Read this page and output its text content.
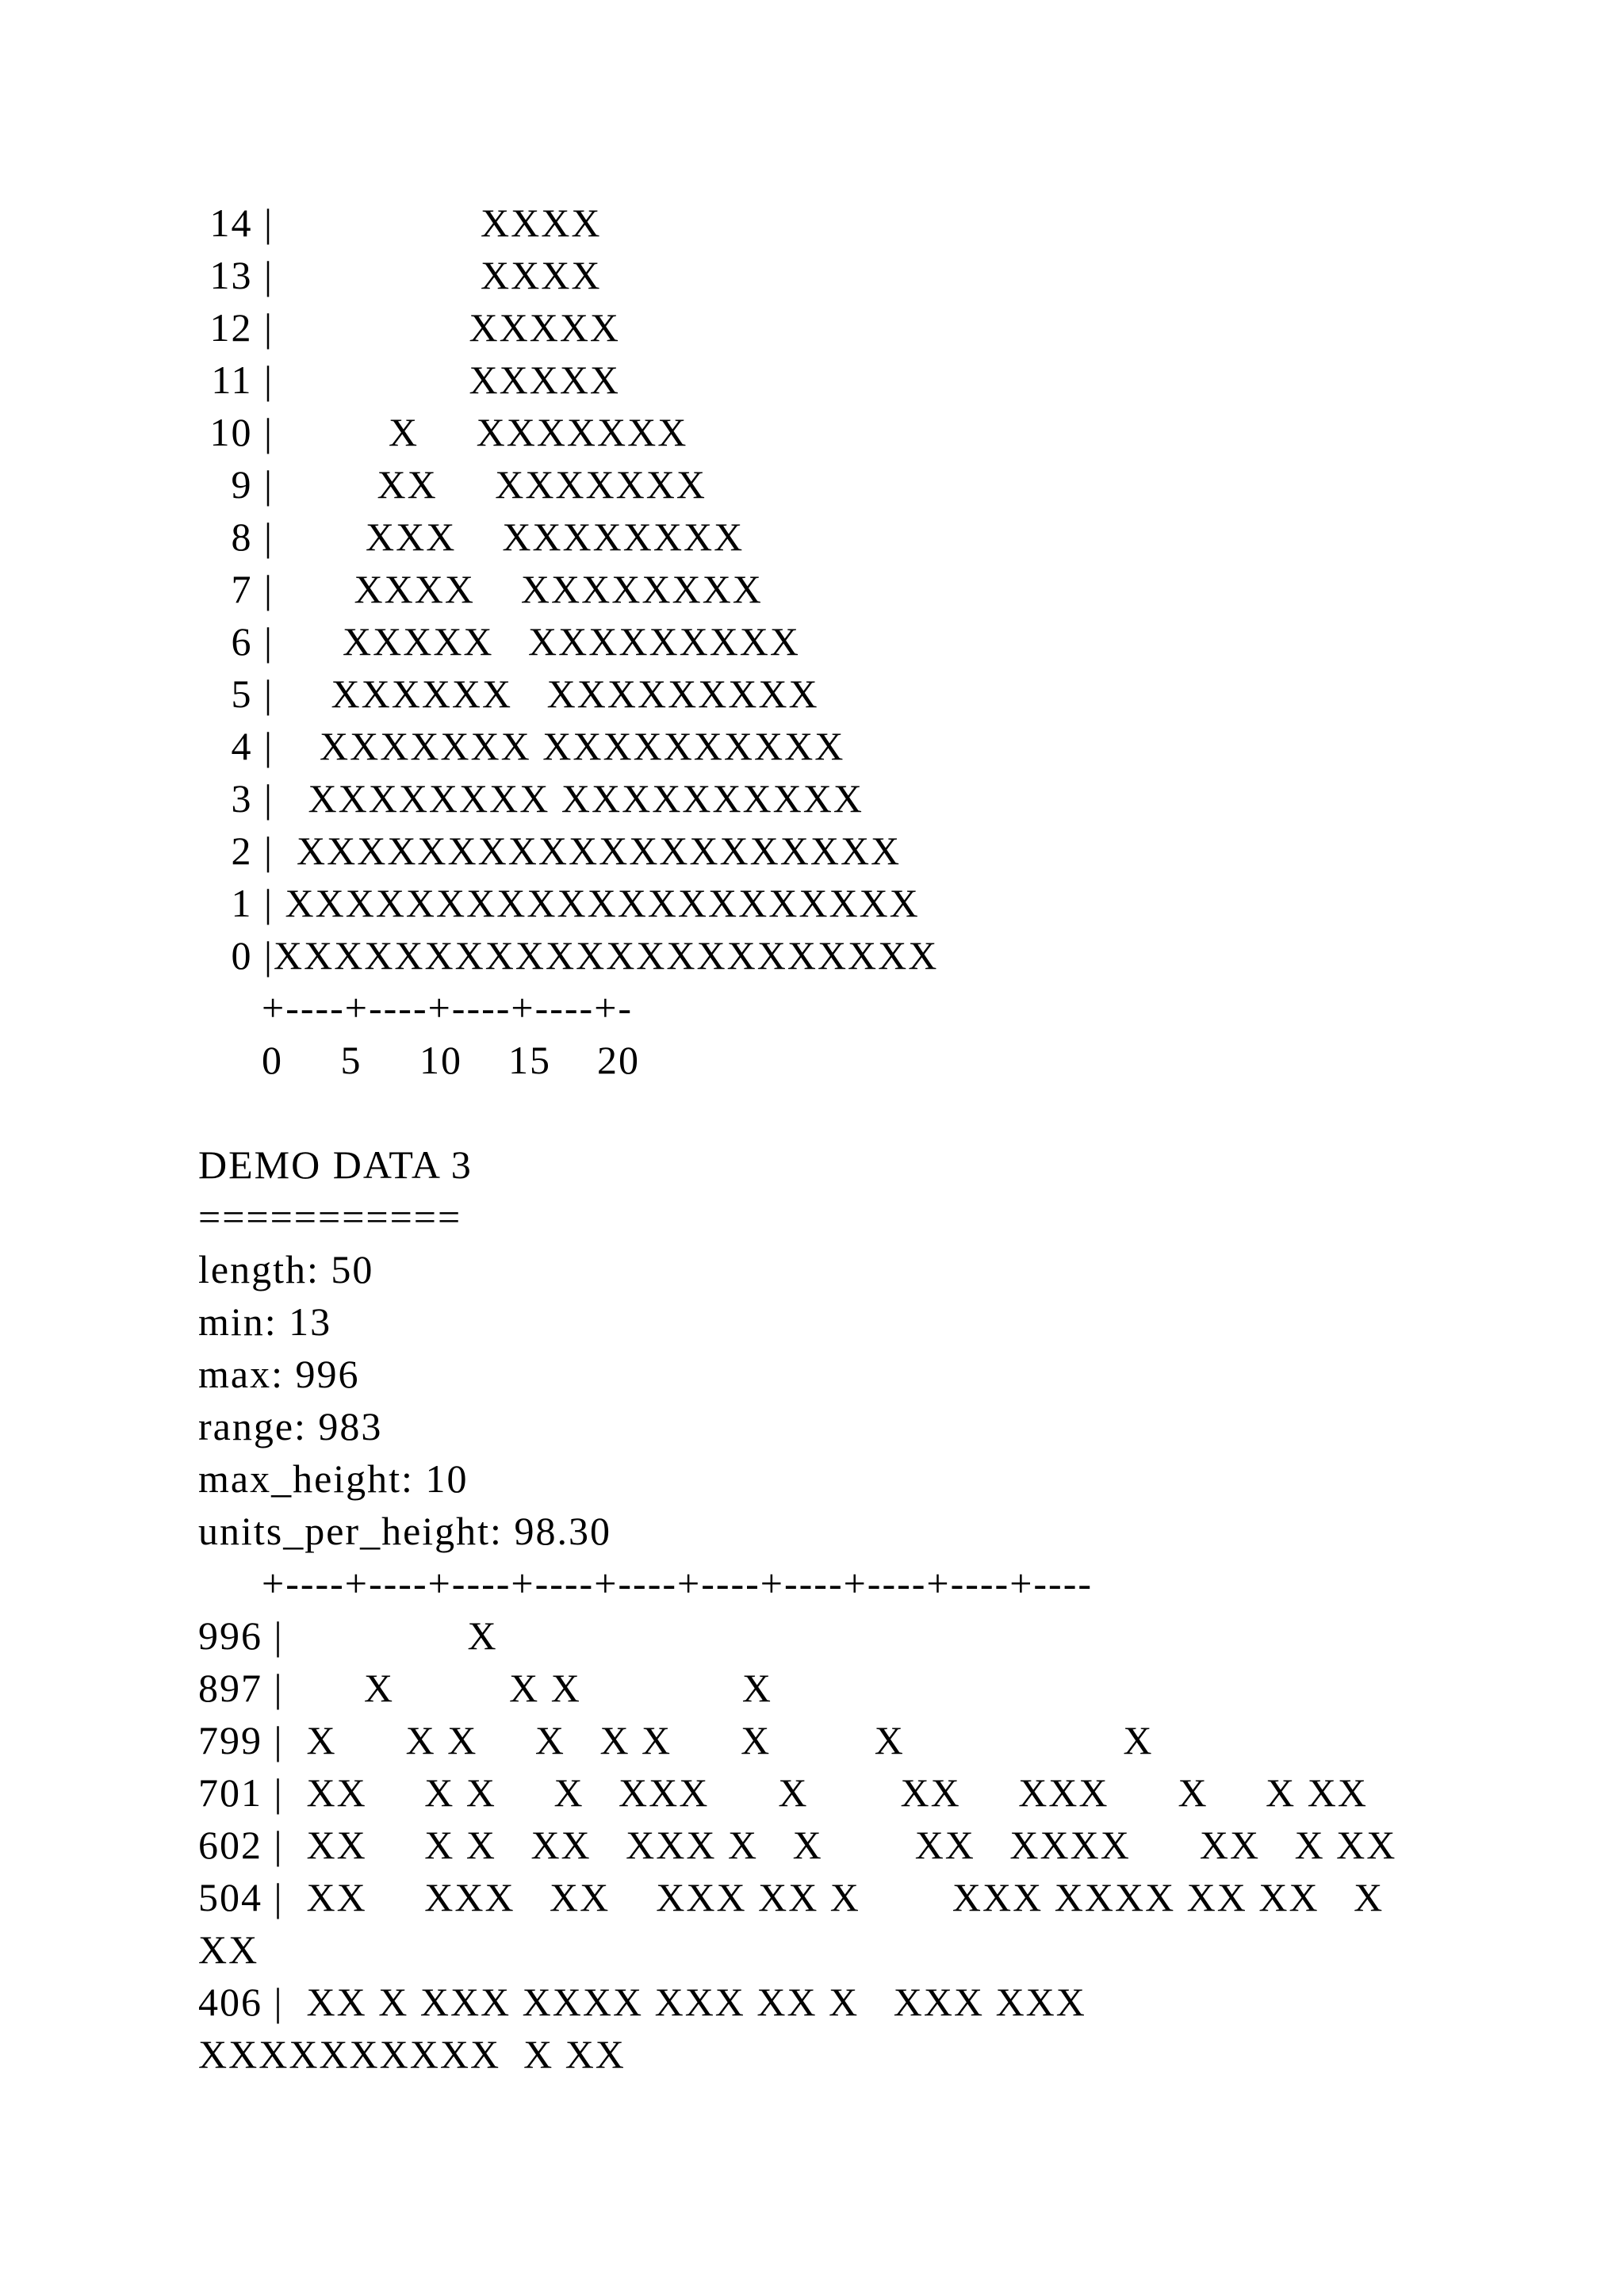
14 |                  XXXX
13 |                  XXXX
12 |                 XXXXX
11 |                 XXXXX
10 |          X     XXXXXXX
9 |         XX     XXXXXXX
8 |        XXX    XXXXXXXX
7 |       XXXX    XXXXXXXX
6 |      XXXXX   XXXXXXXXX
5 |     XXXXXX   XXXXXXXXX
4 |    XXXXXXX XXXXXXXXXX
3 |   XXXXXXXX XXXXXXXXXX
2 |  XXXXXXXXXXXXXXXXXXXX
1 | XXXXXXXXXXXXXXXXXXXXX
0 |XXXXXXXXXXXXXXXXXXXXXX
+----+----+----+----+-
0     5     10    15    20
DEMO DATA 3
===========
length: 50
min: 13
max: 996
range: 983
max_height: 10
units_per_height: 98.30
+----+----+----+----+----+----+----+----+----+----
996 |                X
897 |       X          X X              X
799 |  X      X X     X   X X      X         X                   X
701 |  XX     X X     X   XXX      X        XX     XXX      X     X XX
602 |  XX     X X   XX   XXX X   X        XX   XXXX      XX   X XX
504 |  XX     XXX   XX    XXX XX X        XXX XXXX XX XX   X
XX
406 |  XX X XXX XXXX XXX XX X   XXX XXX
XXXXXXXXXX  X XX
